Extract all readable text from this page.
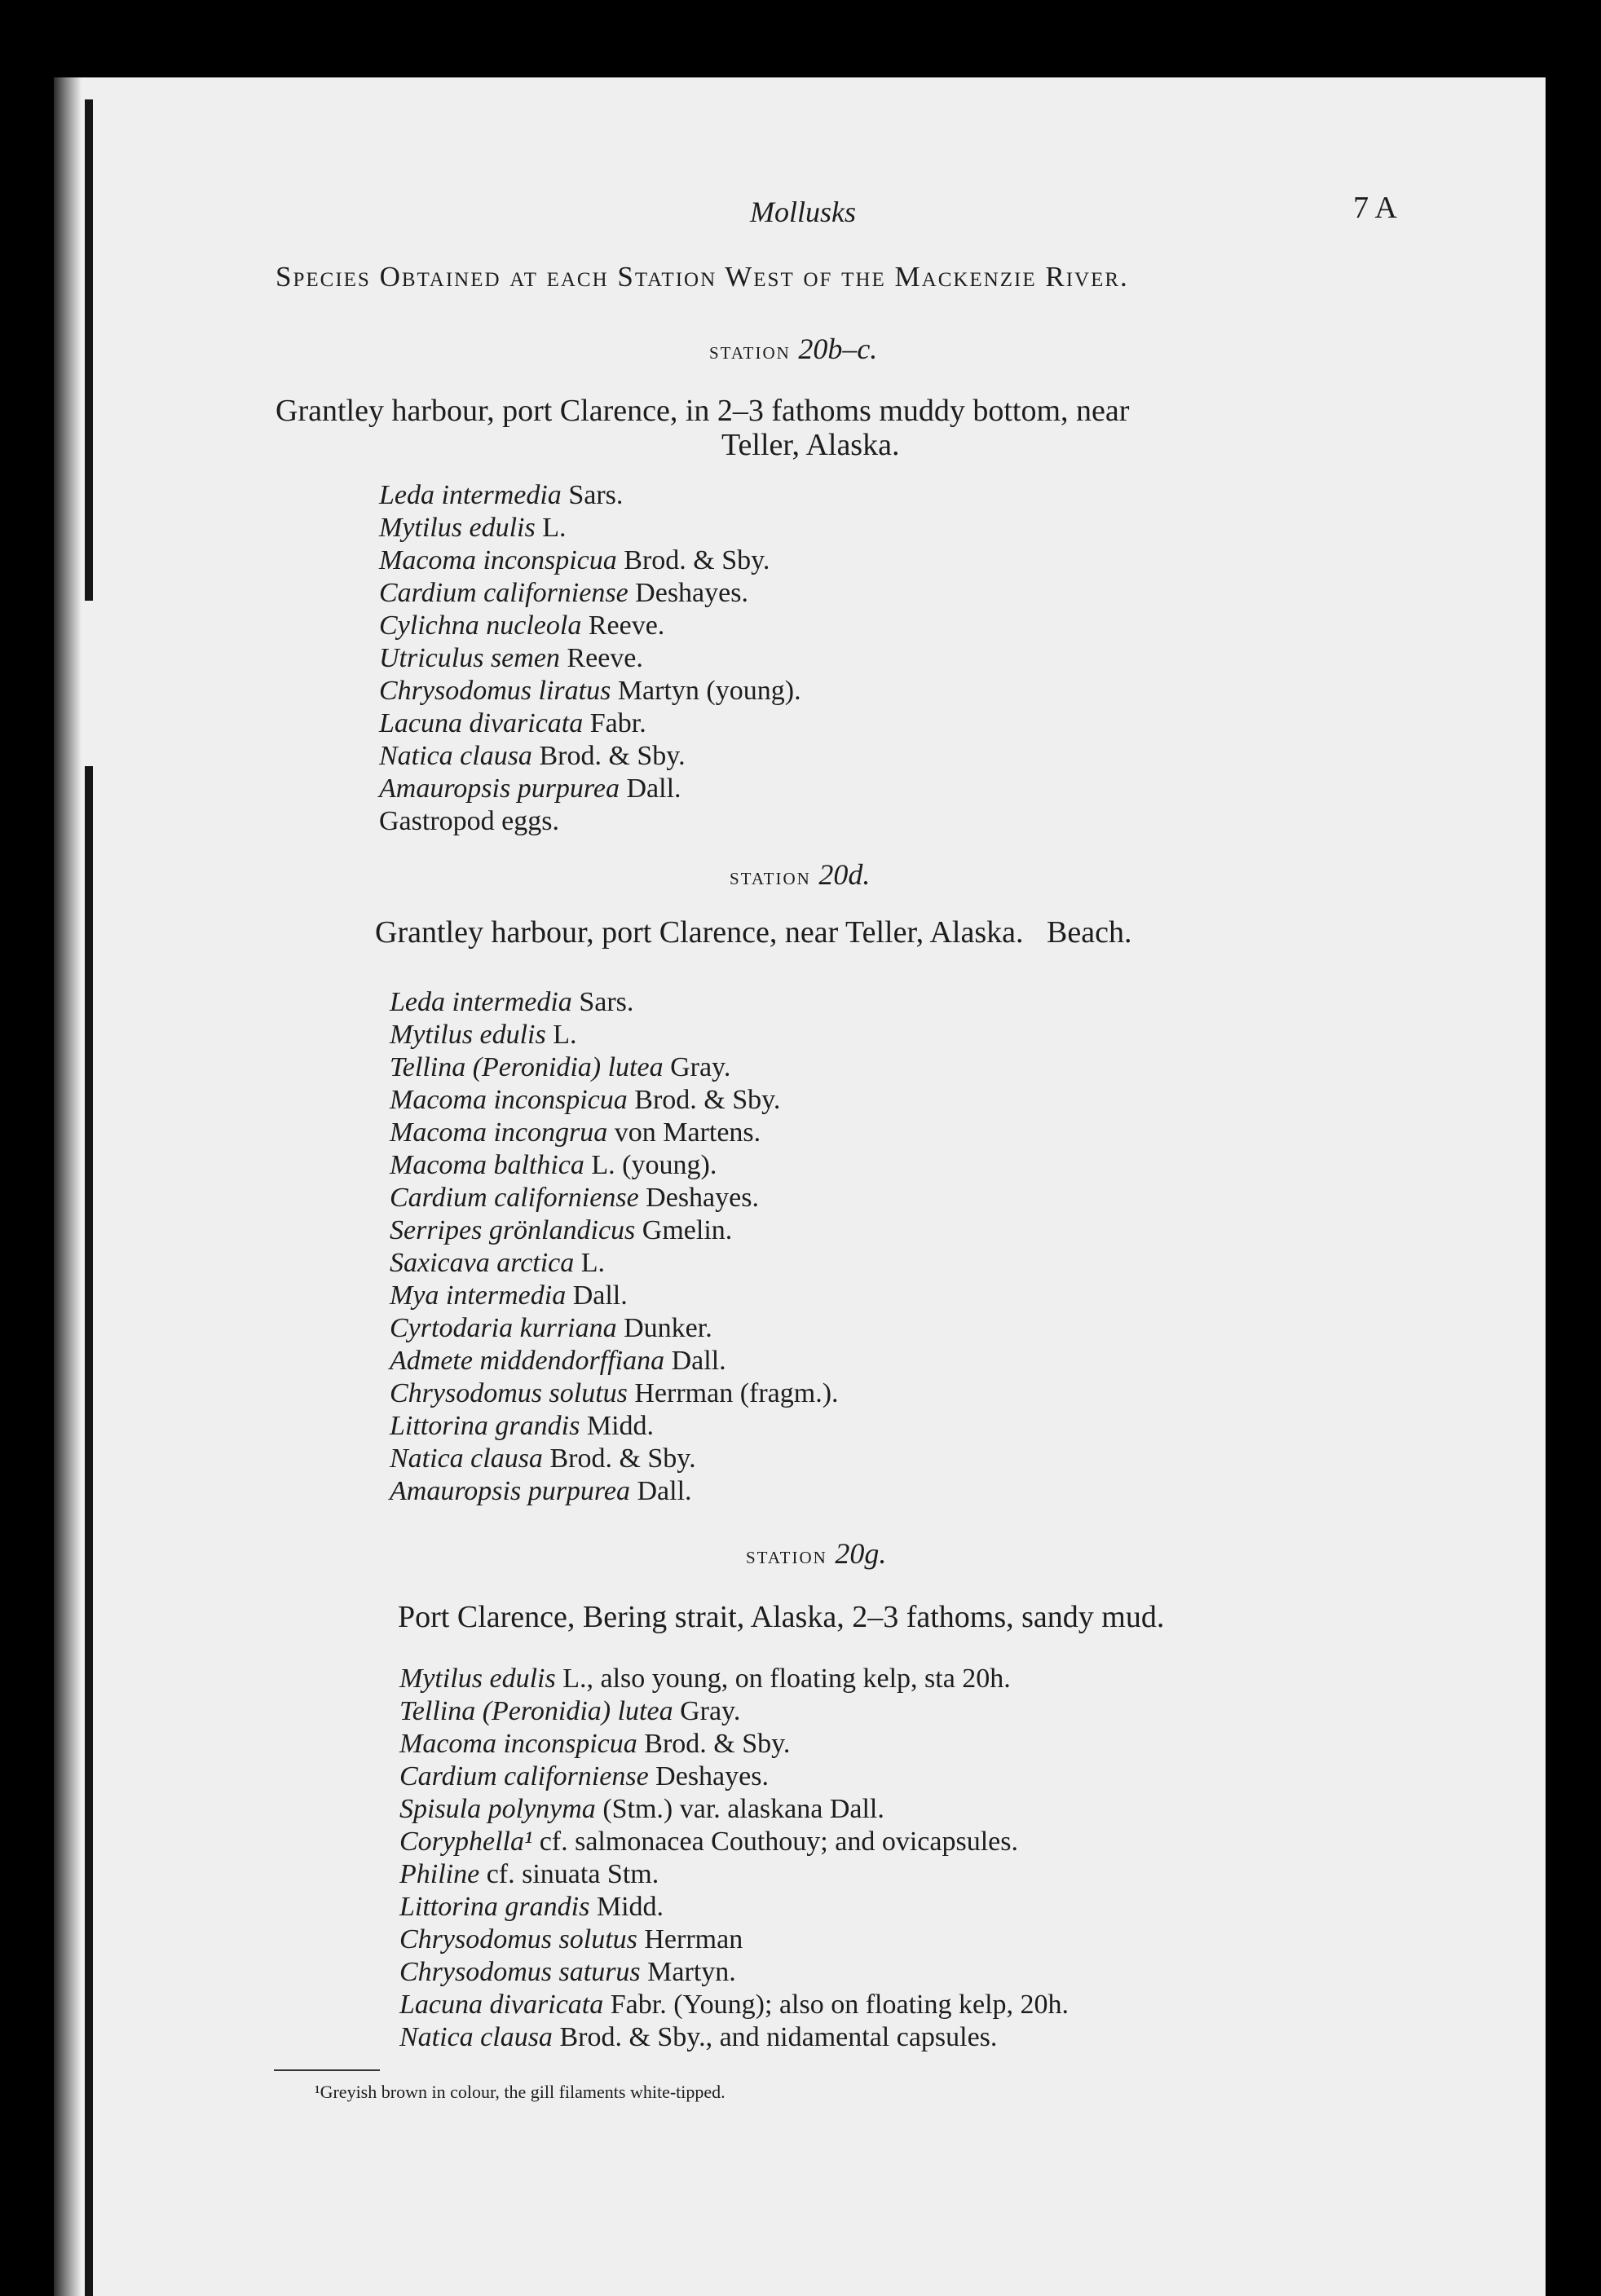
Mollusks	7 A
Species Obtained at each Station West of the Mackenzie River.
station 20b–c.
Grantley harbour, port Clarence, in 2–3 fathoms muddy bottom, near
Teller, Alaska.
Leda intermedia Sars.
Mytilus edulis L.
Macoma inconspicua Brod. & Sby.
Cardium californiense Deshayes.
Cylichna nucleola Reeve.
Utriculus semen Reeve.
Chrysodomus liratus Martyn (young).
Lacuna divaricata Fabr.
Natica clausa Brod. & Sby.
Amauropsis purpurea Dall.
Gastropod eggs.
station 20d.
Grantley harbour, port Clarence, near Teller, Alaska.   Beach.
Leda intermedia Sars.
Mytilus edulis L.
Tellina (Peronidia) lutea Gray.
Macoma inconspicua Brod. & Sby.
Macoma incongrua von Martens.
Macoma balthica L. (young).
Cardium californiense Deshayes.
Serripes grönlandicus Gmelin.
Saxicava arctica L.
Mya intermedia Dall.
Cyrtodaria kurriana Dunker.
Admete middendorffiana Dall.
Chrysodomus solutus Herrman (fragm.).
Littorina grandis Midd.
Natica clausa Brod. & Sby.
Amauropsis purpurea Dall.
station 20g.
Port Clarence, Bering strait, Alaska, 2–3 fathoms, sandy mud.
Mytilus edulis L., also young, on floating kelp, sta 20h.
Tellina (Peronidia) lutea Gray.
Macoma inconspicua Brod. & Sby.
Cardium californiense Deshayes.
Spisula polynyma (Stm.) var. alaskana Dall.
Coryphella¹ cf. salmonacea Couthouy; and ovicapsules.
Philine cf. sinuata Stm.
Littorina grandis Midd.
Chrysodomus solutus Herrman
Chrysodomus saturus Martyn.
Lacuna divaricata Fabr. (Young); also on floating kelp, 20h.
Natica clausa Brod. & Sby., and nidamental capsules.
¹Greyish brown in colour, the gill filaments white-tipped.
